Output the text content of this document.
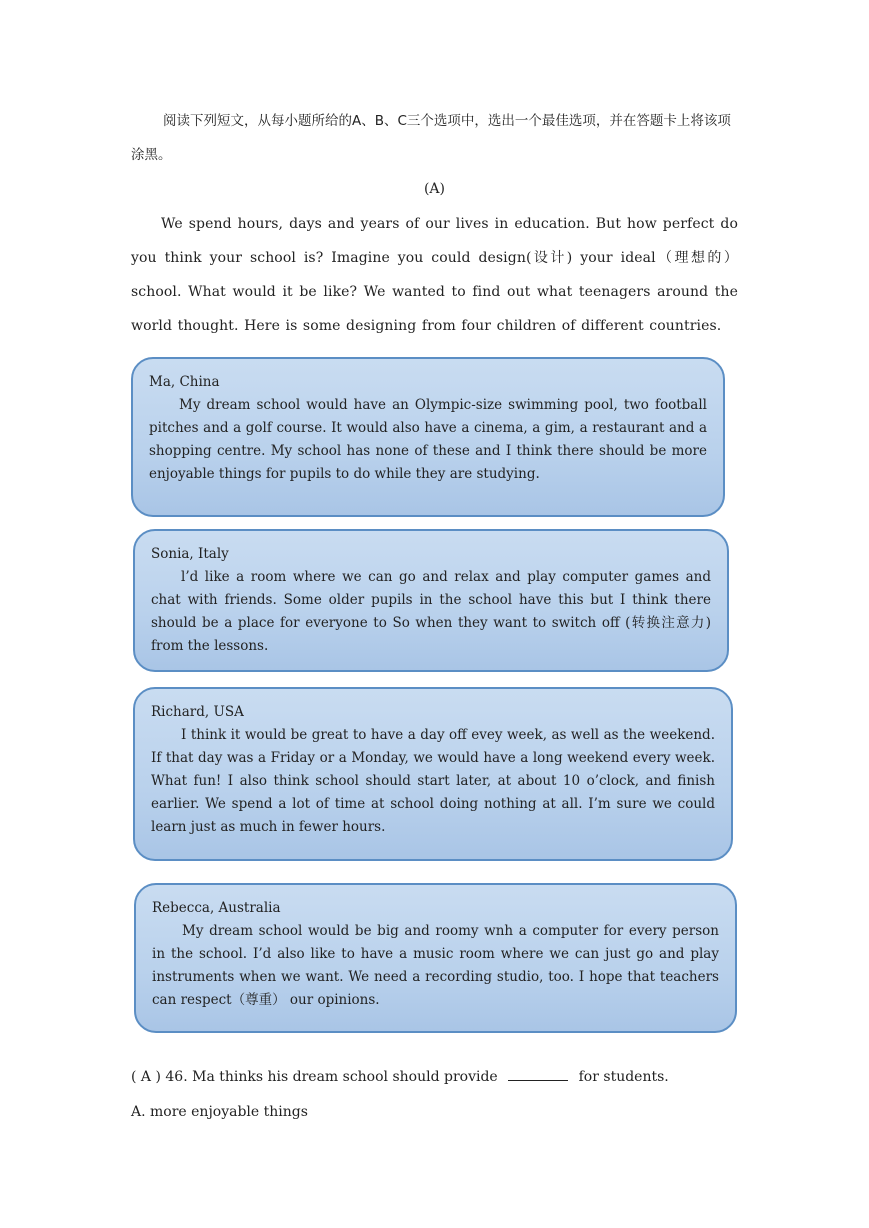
阅读下列短文，从每小题所给的A、B、C三个选项中，选出一个最佳选项，并在答题卡上将该项涂黑。
(A)
We spend hours, days and years of our lives in education. But how perfect do you think your school is? Imagine you could design(设计) your ideal（理想的）school. What would it be like? We wanted to find out what teenagers around the world thought. Here is some designing from four children of different countries.
Ma, China
My dream school would have an Olympic-size swimming pool, two football pitches and a golf course. It would also have a cinema, a gim, a restaurant and a shopping centre. My school has none of these and I think there should be more enjoyable things for pupils to do while they are studying.
Sonia, Italy
l’d like a room where we can go and relax and play computer games and chat with friends. Some older pupils in the school have this but I think there should be a place for everyone to So when they want to switch off (转换注意力) from the lessons.
Richard, USA
I think it would be great to have a day off evey week, as well as the weekend. If that day was a Friday or a Monday, we would have a long weekend every week. What fun! I also think school should start later, at about 10 o’clock, and finish earlier. We spend a lot of time at school doing nothing at all. I’m sure we could learn just as much in fewer hours.
Rebecca, Australia
My dream school would be big and roomy wnh a computer for every person in the school. I’d also like to have a music room where we can just go and play instruments when we want. We need a recording studio, too. I hope that teachers can respect（尊重） our opinions.
( A ) 46. Ma thinks his dream school should provide	for students.
A. more enjoyable things
